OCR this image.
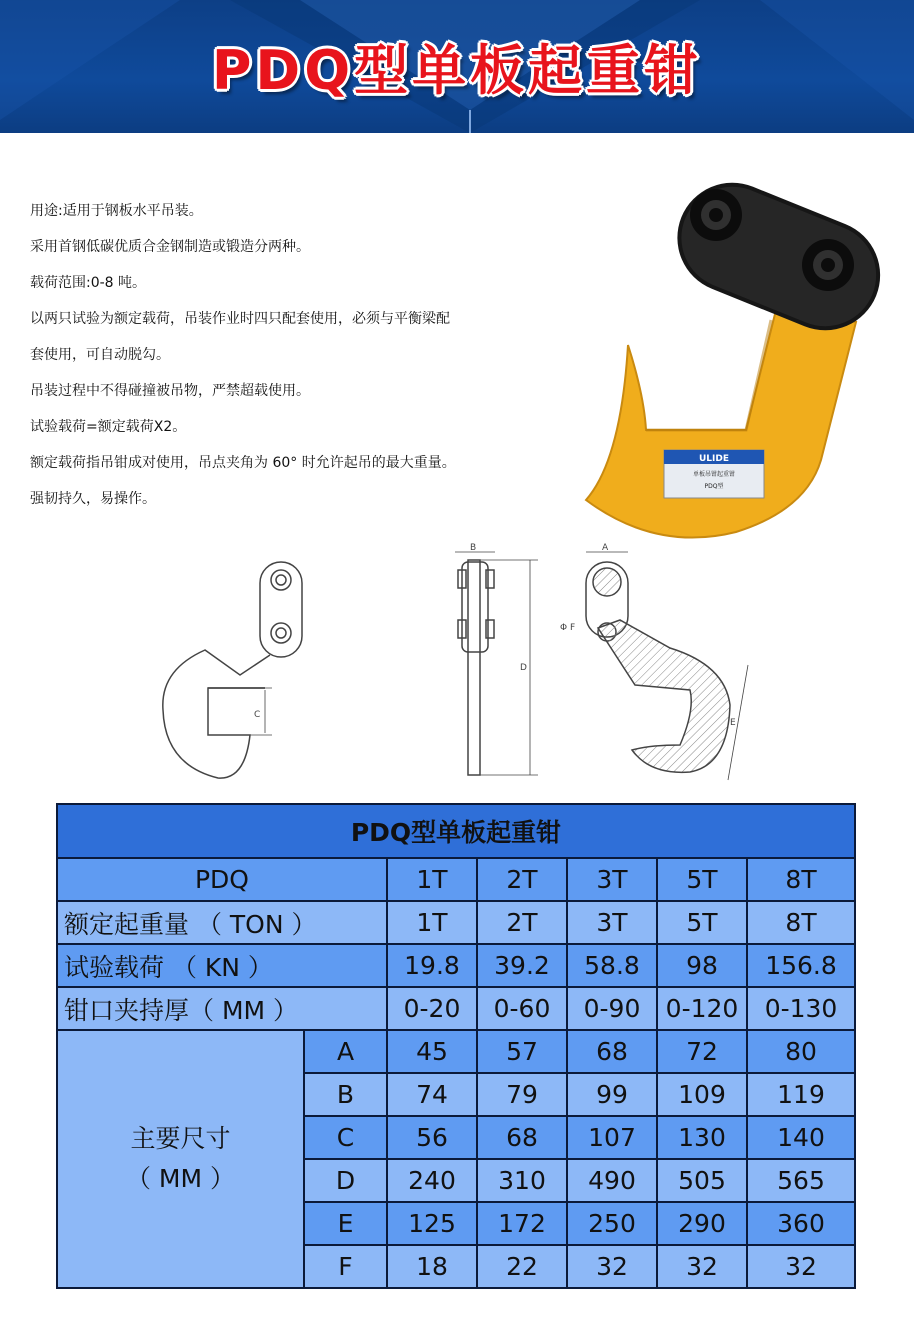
PDQ型单板起重钳
用途:适用于钢板水平吊装。
采用首钢低碳优质合金钢制造或锻造分两种。
载荷范围:0-8 吨。
以两只试验为额定载荷，吊装作业时四只配套使用，必须与平衡梁配
套使用，可自动脱勾。
吊装过程中不得碰撞被吊物，严禁超载使用。
试验载荷=额定载荷X2。
额定载荷指吊钳成对使用，吊点夹角为 60° 时允许起吊的最大重量。
强韧持久，易操作。
ULIDE
单板吊钳起重钳
PDQ型
C
B
D
A
Φ F
E
PDQ型单板起重钳						
PDQ		1T	2T	3T	5T	8T
额定起重量 （ TON ）		1T	2T	3T	5T	8T
试验载荷 （ KN ）		19.8	39.2	58.8	98	156.8
钳口夹持厚（ MM ）		0-20	0-60	0-90	0-120	0-130

主要尺寸
（ MM ）	A	45	57	68	72	80
	B	74	79	99	109	119
	C	56	68	107	130	140
	D	240	310	490	505	565
	E	125	172	250	290	360
	F	18	22	32	32	32
